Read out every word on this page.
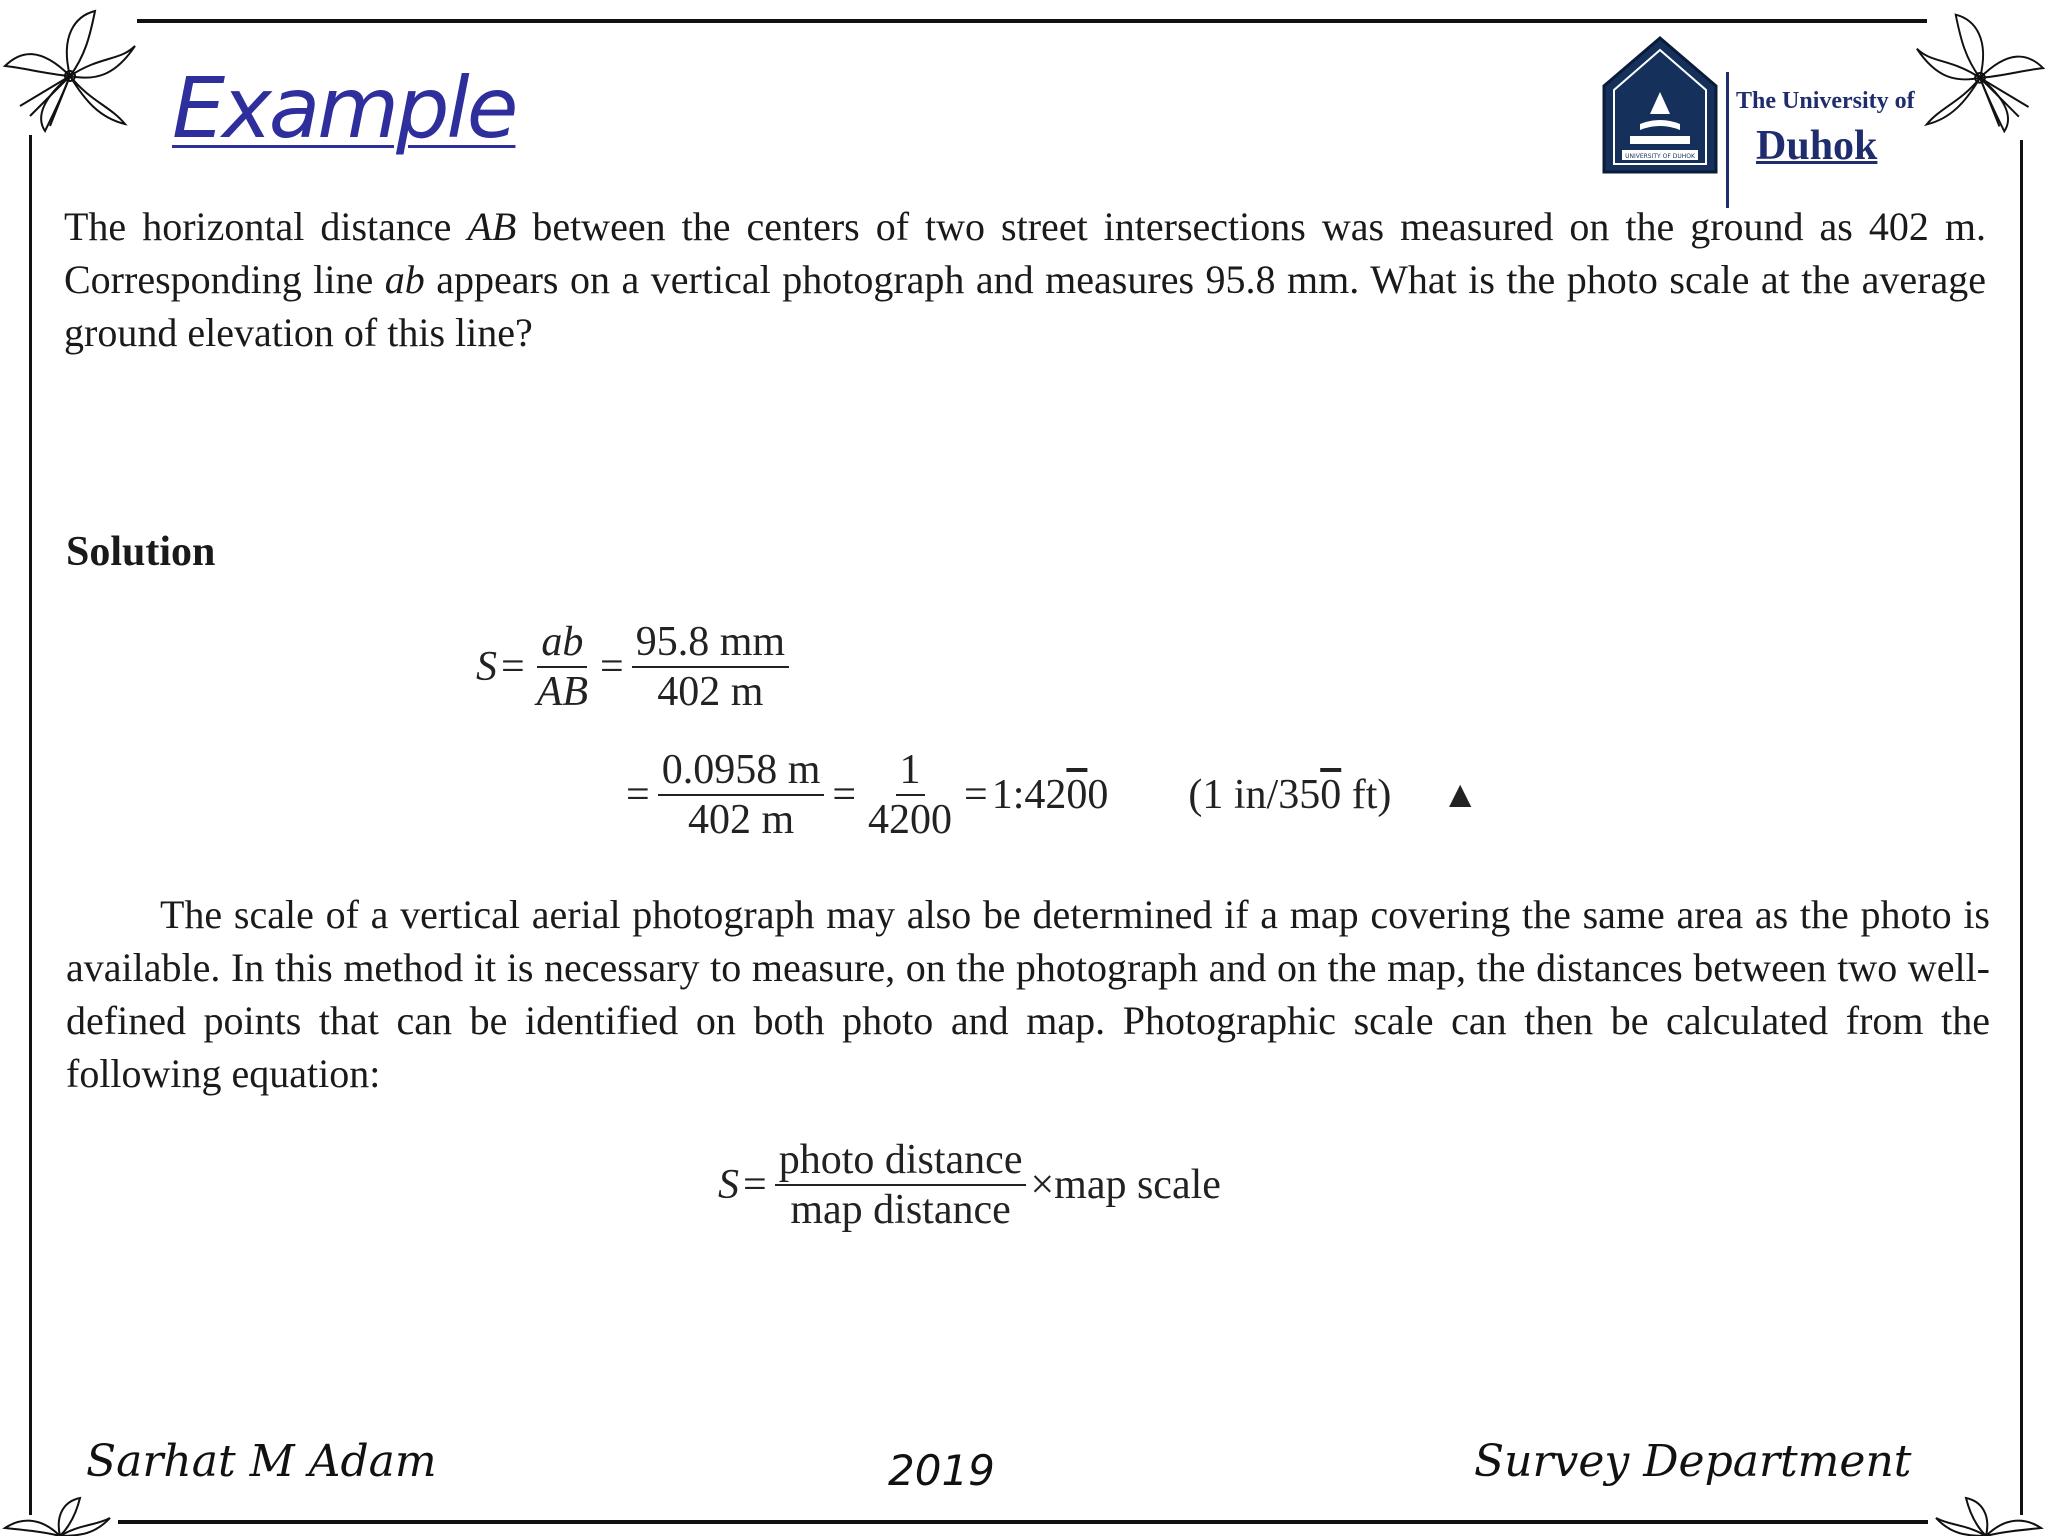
Example	UNIVERSITY OF DUHOK
The University of
Duhok

The horizontal distance AB between the centers of two street intersections was measured on the ground as 402 m. Corresponding line ab appears on a vertical photograph and measures 95.8 mm. What is the photo scale at the average ground elevation of this line?

Solution
$S = \frac{ab}{AB} = \frac{95.8 mm}{402 m}$
= $\frac{0.0958 m}{402 m} = \frac{1}{4200}$ = 1:4200 (1 in/350 ft) ▲

The scale of a vertical aerial photograph may also be determined if a map covering the same area as the photo is available. In this method it is necessary to measure, on the photograph and on the map, the distances between two well-defined points that can be identified on both photo and map. Photographic scale can then be calculated from the following equation:

$S = \frac{\text{photo distance}}{\text{map distance}}$ × map scale
Sarhat M Adam	2019	Survey Department
